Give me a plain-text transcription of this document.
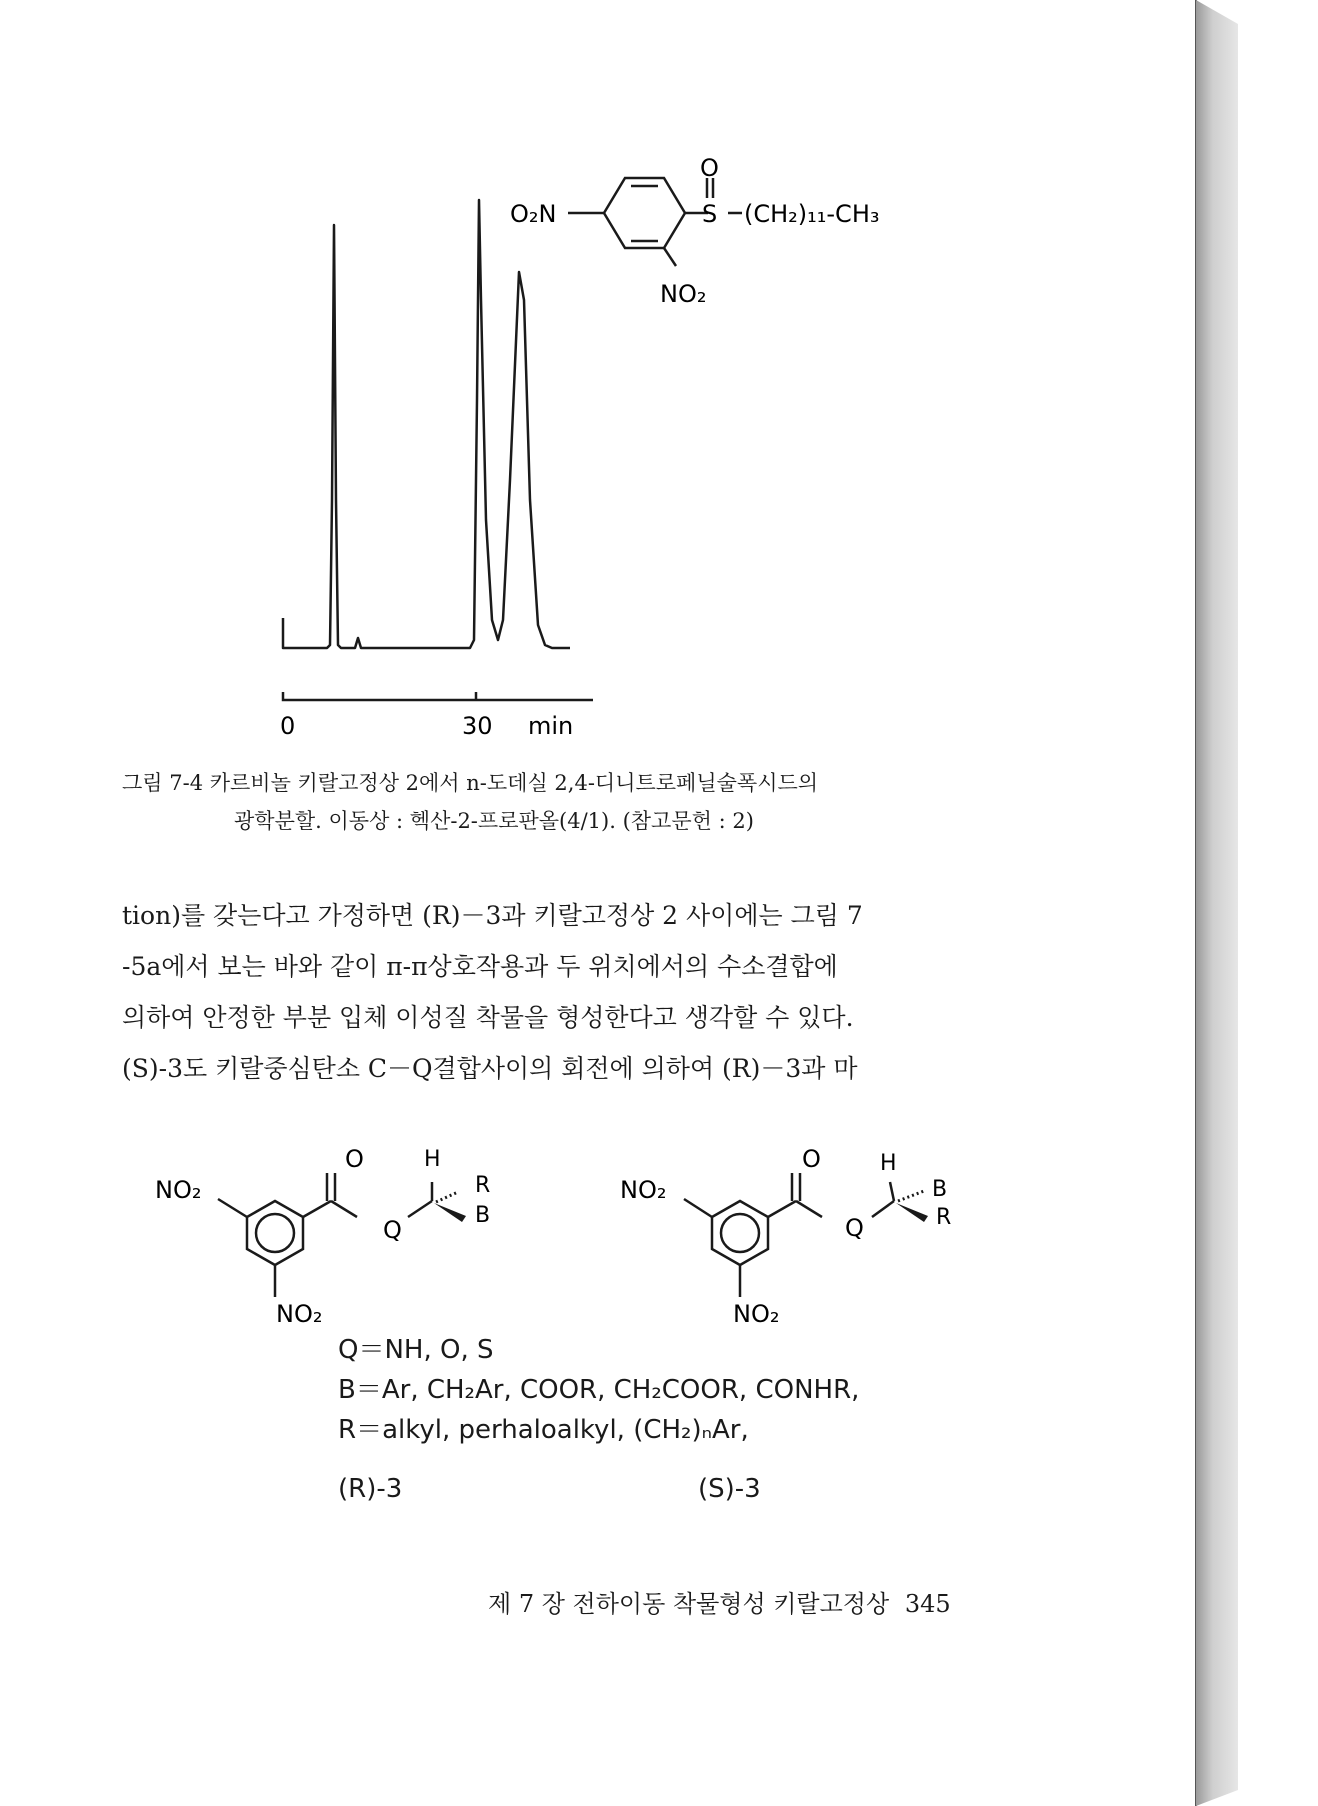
0	30 min
O₂N
O
S (CH₂)₁₁-CH₃
NO₂
그림 7-4 카르비놀 키랄고정상 2에서 n-도데실 2,4-디니트로페닐술폭시드의
광학분할. 이동상 : 헥산-2-프로판올(4/1). (참고문헌 : 2)
tion)를 갖는다고 가정하면 (R)－3과 키랄고정상 2 사이에는 그림 7
-5a에서 보는 바와 같이 π-π상호작용과 두 위치에서의 수소결합에
의하여 안정한 부분 입체 이성질 착물을 형성한다고 생각할 수 있다.
(S)-3도 키랄중심탄소 C－Q결합사이의 회전에 의하여 (R)－3과 마
NO₂
NO₂
O
Q
H
R
B
NO₂
NO₂
O
Q
H
B
R
Q＝NH, O, S
B＝Ar, CH₂Ar, COOR, CH₂COOR, CONHR,
R＝alkyl, perhaloalkyl, (CH₂)ₙAr,
(R)-3	(S)-3
제 7 장 전하이동 착물형성 키랄고정상 345
